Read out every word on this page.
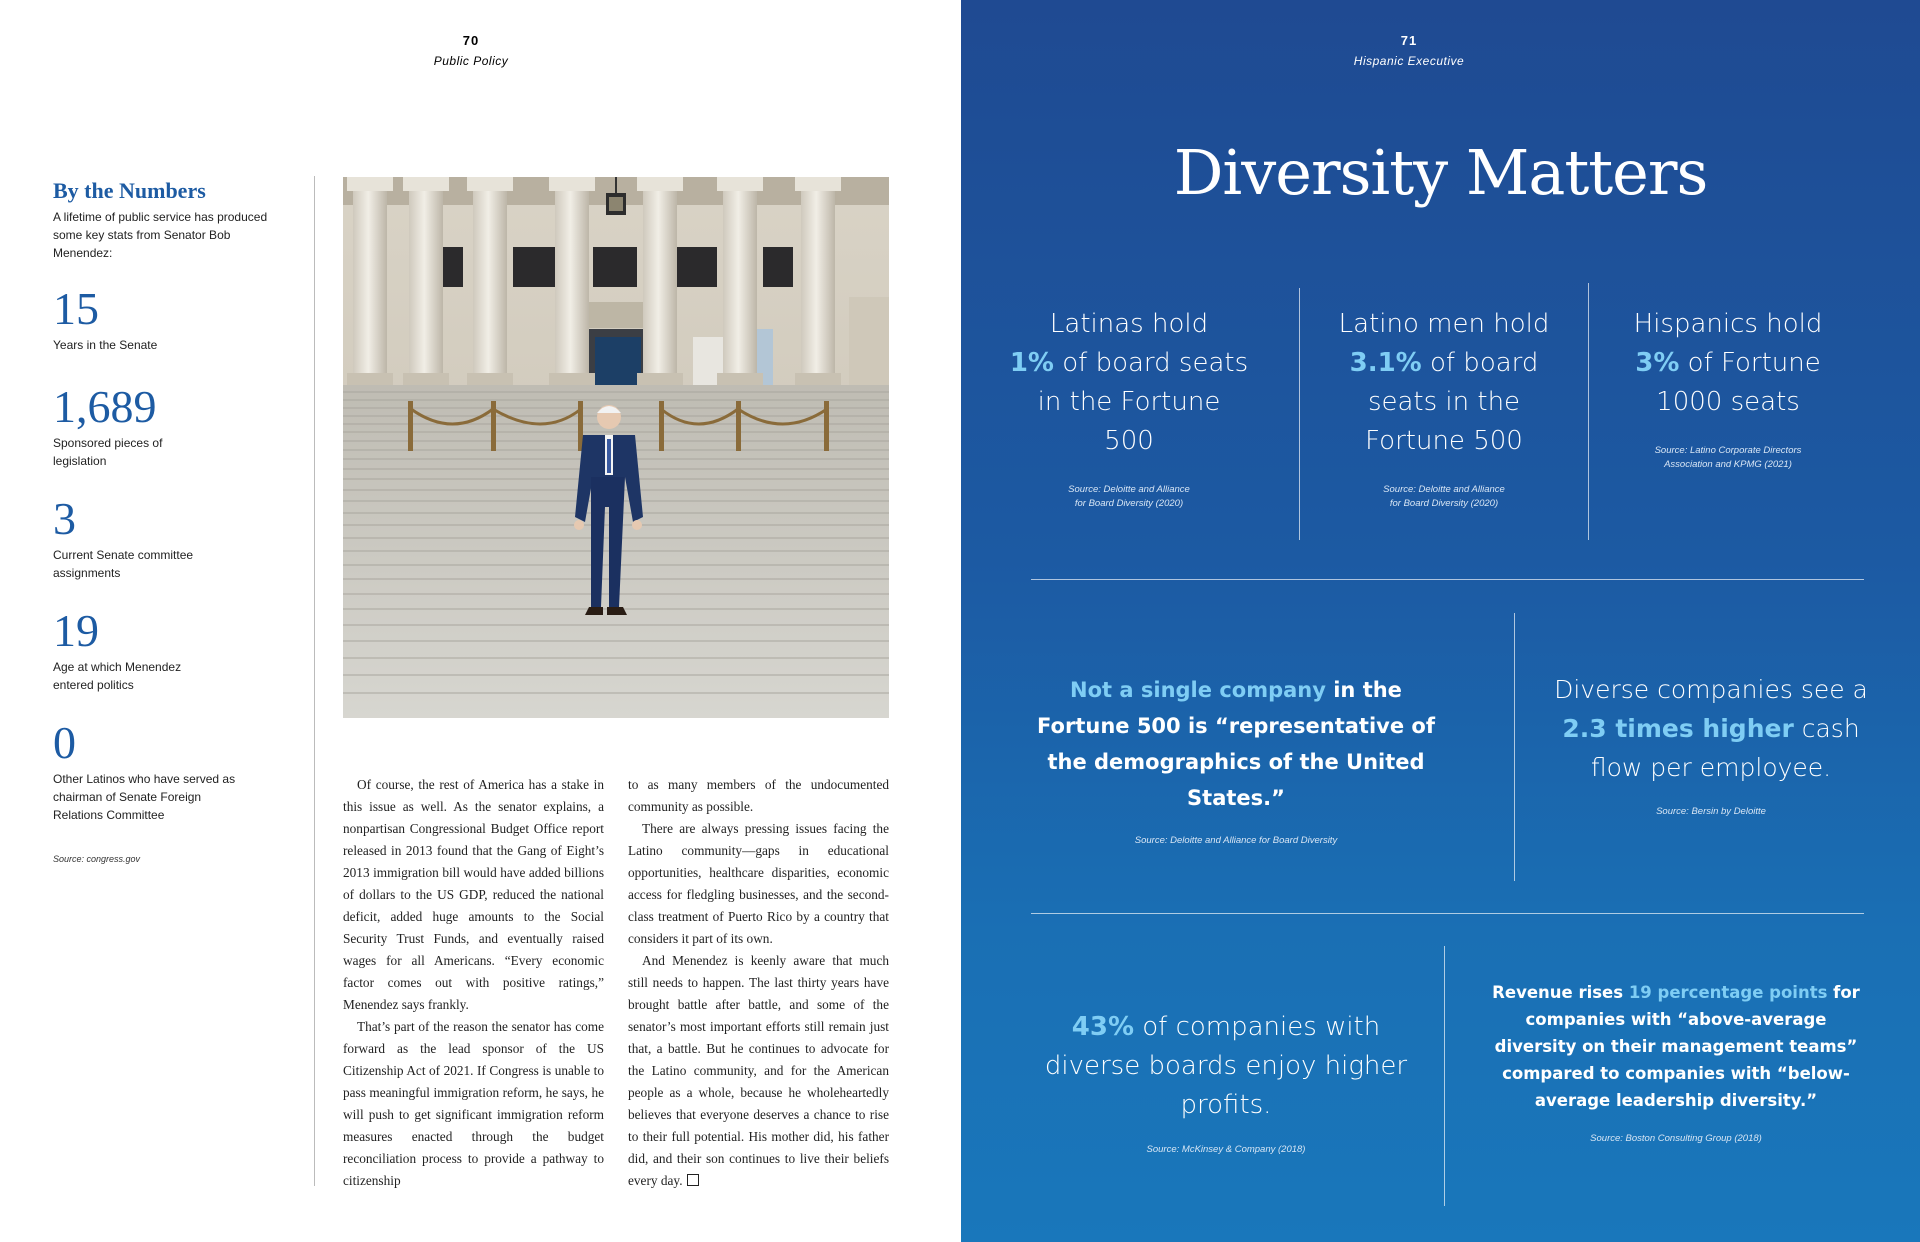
70
Public Policy
By the Numbers
A lifetime of public service has produced some key stats from Senator Bob Menendez:
15
Years in the Senate
1,689
Sponsored pieces of legislation
3
Current Senate committee assignments
19
Age at which Menendez entered politics
0
Other Latinos who have served as chairman of Senate Foreign Relations Committee
Source: congress.gov

Of course, the rest of America has a stake in this issue as well. As the senator explains, a nonpartisan Congressional Budget Office report released in 2013 found that the Gang of Eight’s 2013 immigration bill would have added billions of dollars to the US GDP, reduced the national deficit, added huge amounts to the Social Security Trust Funds, and eventually raised wages for all Americans. “Every economic factor comes out with positive ratings,” Menendez says frankly.

That’s part of the reason the senator has come forward as the lead sponsor of the US Citizenship Act of 2021. If Congress is unable to pass meaningful immigration reform, he says, he will push to get significant immigration reform measures enacted through the budget reconciliation process to provide a pathway to citizenship

to as many members of the undocumented community as possible.

There are always pressing issues facing the Latino community—gaps in educational opportunities, healthcare disparities, economic access for fledgling businesses, and the second-class treatment of Puerto Rico by a country that considers it part of its own.

And Menendez is keenly aware that much still needs to happen. The last thirty years have brought battle after battle, and some of the senator’s most important efforts still remain just that, a battle. But he continues to advocate for the Latino community, and for the American people as a whole, because he wholeheartedly believes that everyone deserves a chance to rise to their full potential. His mother did, his father did, and their son continues to live their beliefs every day.

71
Hispanic Executive
Diversity Matters
Latinas hold
1% of board seats in the Fortune 500
Source: Deloitte and Alliance
for Board Diversity (2020)
Latino men hold
3.1% of board seats in the Fortune 500
Source: Deloitte and Alliance
for Board Diversity (2020)
Hispanics hold 3% of Fortune 1000 seats
Source: Latino Corporate Directors
Association and KPMG (2021)
Not a single company in the Fortune 500 is “representative of the demographics of the United States.”
Source: Deloitte and Alliance for Board Diversity
Diverse companies see a 2.3 times higher cash flow per employee.
Source: Bersin by Deloitte
43% of companies with diverse boards enjoy higher profits.
Source: McKinsey & Company (2018)
Revenue rises 19 percentage points for companies with “above-average diversity on their management teams” compared to companies with “below-average leadership diversity.”
Source: Boston Consulting Group (2018)
